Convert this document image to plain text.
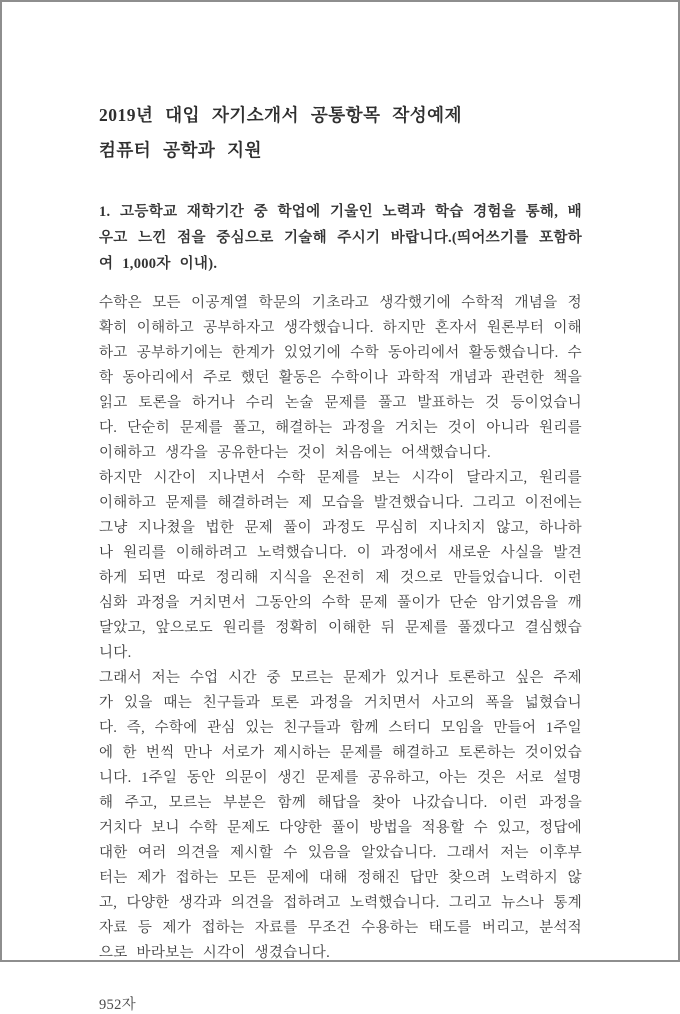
2019년 대입 자기소개서 공통항목 작성예제
컴퓨터 공학과 지원

1. 고등학교 재학기간 중 학업에 기울인 노력과 학습 경험을 통해, 배우고 느낀 점을 중심으로 기술해 주시기 바랍니다.(띄어쓰기를 포함하여 1,000자 이내).

수학은 모든 이공계열 학문의 기초라고 생각했기에 수학적 개념을 정확히 이해하고 공부하자고 생각했습니다. 하지만 혼자서 원론부터 이해하고 공부하기에는 한계가 있었기에 수학 동아리에서 활동했습니다. 수학 동아리에서 주로 했던 활동은 수학이나 과학적 개념과 관련한 책을 읽고 토론을 하거나 수리 논술 문제를 풀고 발표하는 것 등이었습니다. 단순히 문제를 풀고, 해결하는 과정을 거치는 것이 아니라 원리를 이해하고 생각을 공유한다는 것이 처음에는 어색했습니다.

하지만 시간이 지나면서 수학 문제를 보는 시각이 달라지고, 원리를 이해하고 문제를 해결하려는 제 모습을 발견했습니다. 그리고 이전에는 그냥 지나쳤을 법한 문제 풀이 과정도 무심히 지나치지 않고, 하나하나 원리를 이해하려고 노력했습니다. 이 과정에서 새로운 사실을 발견하게 되면 따로 정리해 지식을 온전히 제 것으로 만들었습니다. 이런 심화 과정을 거치면서 그동안의 수학 문제 풀이가 단순 암기였음을 깨달았고, 앞으로도 원리를 정확히 이해한 뒤 문제를 풀겠다고 결심했습니다.

그래서 저는 수업 시간 중 모르는 문제가 있거나 토론하고 싶은 주제가 있을 때는 친구들과 토론 과정을 거치면서 사고의 폭을 넓혔습니다. 즉, 수학에 관심 있는 친구들과 함께 스터디 모임을 만들어 1주일에 한 번씩 만나 서로가 제시하는 문제를 해결하고 토론하는 것이었습니다. 1주일 동안 의문이 생긴 문제를 공유하고, 아는 것은 서로 설명해 주고, 모르는 부분은 함께 해답을 찾아 나갔습니다. 이런 과정을 거치다 보니 수학 문제도 다양한 풀이 방법을 적용할 수 있고, 정답에 대한 여러 의견을 제시할 수 있음을 알았습니다. 그래서 저는 이후부터는 제가 접하는 모든 문제에 대해 정해진 답만 찾으려 노력하지 않고, 다양한 생각과 의견을 접하려고 노력했습니다. 그리고 뉴스나 통계 자료 등 제가 접하는 자료를 무조건 수용하는 태도를 버리고, 분석적으로 바라보는 시각이 생겼습니다.

952자
